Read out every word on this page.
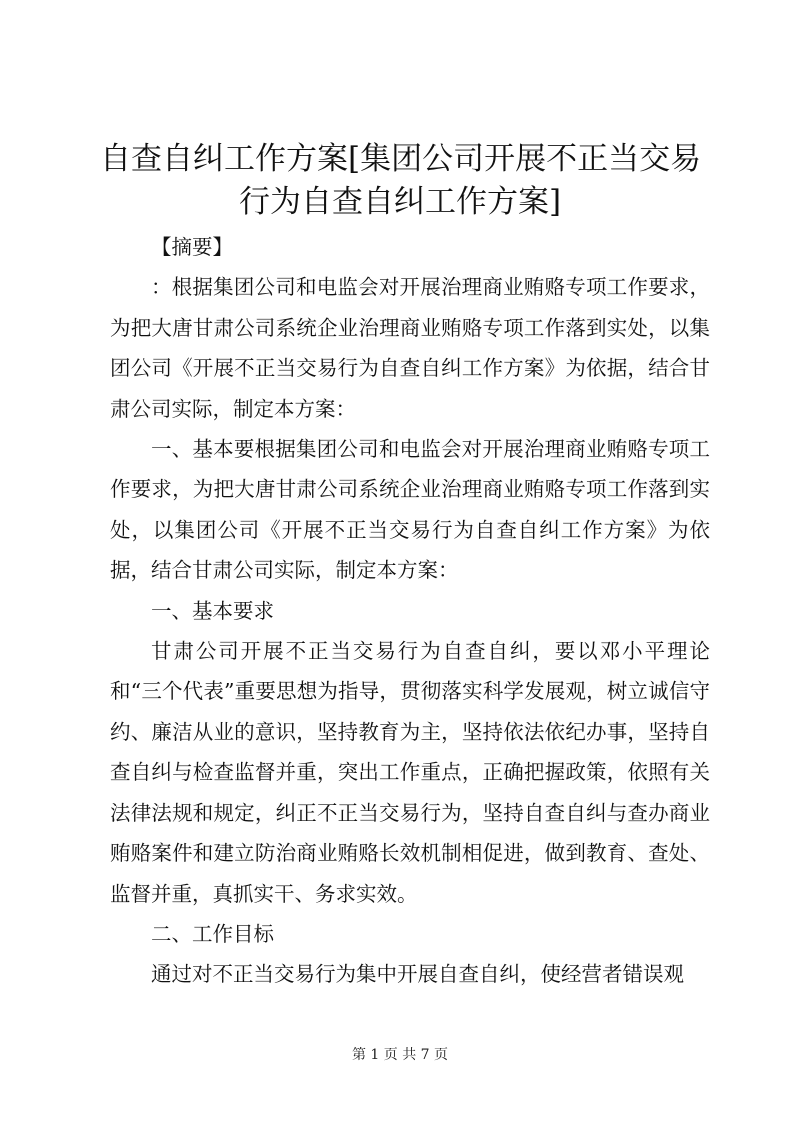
自查自纠工作方案[集团公司开展不正当交易
行为自查自纠工作方案]

【摘要】

：根据集团公司和电监会对开展治理商业贿赂专项工作要求，为把大唐甘肃公司系统企业治理商业贿赂专项工作落到实处，以集团公司《开展不正当交易行为自查自纠工作方案》为依据，结合甘肃公司实际，制定本方案：

一、基本要根据集团公司和电监会对开展治理商业贿赂专项工作要求，为把大唐甘肃公司系统企业治理商业贿赂专项工作落到实处，以集团公司《开展不正当交易行为自查自纠工作方案》为依据，结合甘肃公司实际，制定本方案：

一、基本要求

甘肃公司开展不正当交易行为自查自纠，要以邓小平理论和“三个代表”重要思想为指导，贯彻落实科学发展观，树立诚信守约、廉洁从业的意识，坚持教育为主，坚持依法依纪办事，坚持自查自纠与检查监督并重，突出工作重点，正确把握政策，依照有关法律法规和规定，纠正不正当交易行为，坚持自查自纠与查办商业贿赂案件和建立防治商业贿赂长效机制相促进，做到教育、查处、监督并重，真抓实干、务求实效。

二、工作目标

通过对不正当交易行为集中开展自查自纠，使经营者错误观

第 1 页 共 7 页
